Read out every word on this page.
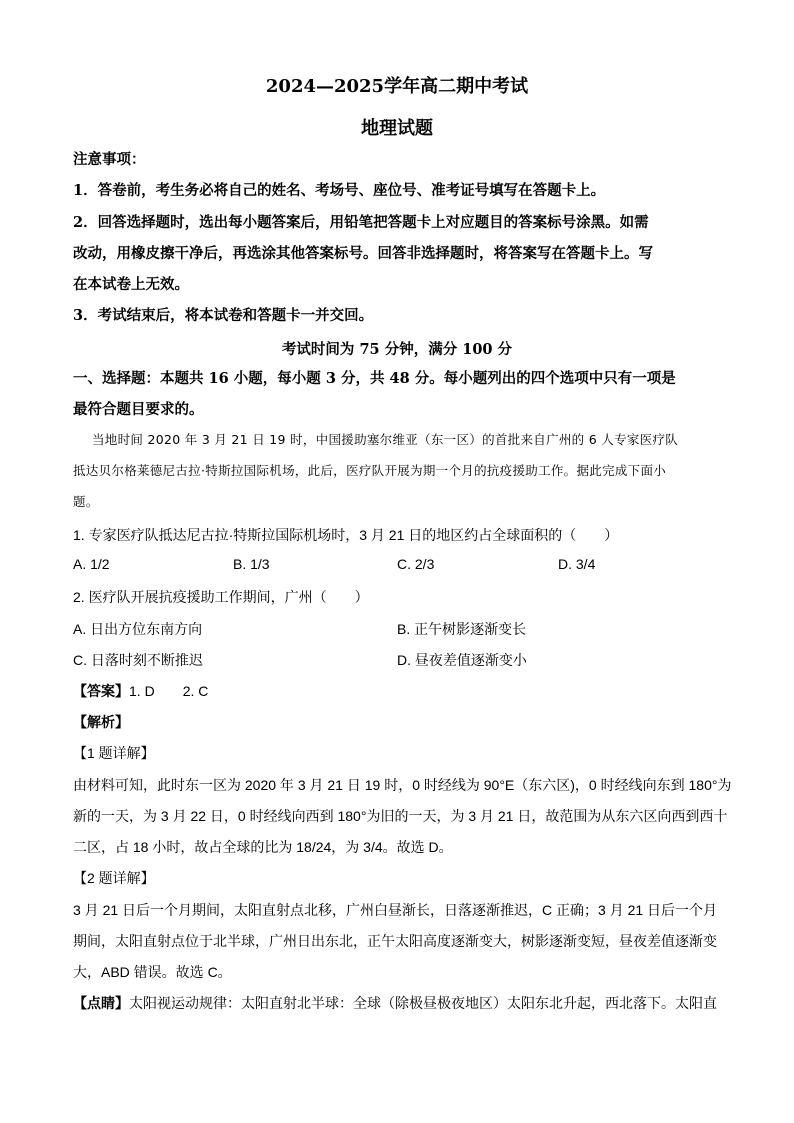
2024—2025学年高二期中考试
地理试题
注意事项：
1．答卷前，考生务必将自己的姓名、考场号、座位号、准考证号填写在答题卡上。
2．回答选择题时，选出每小题答案后，用铅笔把答题卡上对应题目的答案标号涂黑。如需
改动，用橡皮擦干净后，再选涂其他答案标号。回答非选择题时，将答案写在答题卡上。写
在本试卷上无效。
3．考试结束后，将本试卷和答题卡一并交回。
考试时间为 75 分钟，满分 100 分
一、选择题：本题共 16 小题，每小题 3 分，共 48 分。每小题列出的四个选项中只有一项是
最符合题目要求的。
当地时间 2020 年 3 月 21 日 19 时，中国援助塞尔维亚（东一区）的首批来自广州的 6 人专家医疗队
抵达贝尔格莱德尼古拉·特斯拉国际机场，此后，医疗队开展为期一个月的抗疫援助工作。据此完成下面小
题。
1. 专家医疗队抵达尼古拉·特斯拉国际机场时，3 月 21 日的地区约占全球面积的（　　）
A. 1/2	B. 1/3	C. 2/3	D. 3/4
2. 医疗队开展抗疫援助工作期间，广州（　　）
A. 日出方位东南方向	B. 正午树影逐渐变长
C. 日落时刻不断推迟	D. 昼夜差值逐渐变小
【答案】1. D 2. C
【解析】
【1 题详解】
由材料可知，此时东一区为 2020 年 3 月 21 日 19 时，0 时经线为 90°E（东六区)，0 时经线向东到 180°为
新的一天，为 3 月 22 日，0 时经线向西到 180°为旧的一天，为 3 月 21 日，故范围为从东六区向西到西十
二区，占 18 小时，故占全球的比为 18/24，为 3/4。故选 D。
【2 题详解】
3 月 21 日后一个月期间，太阳直射点北移，广州白昼渐长，日落逐渐推迟，C 正确；3 月 21 日后一个月
期间，太阳直射点位于北半球，广州日出东北，正午太阳高度逐渐变大，树影逐渐变短，昼夜差值逐渐变
大，ABD 错误。故选 C。
【点睛】太阳视运动规律：太阳直射北半球：全球（除极昼极夜地区）太阳东北升起，西北落下。太阳直
